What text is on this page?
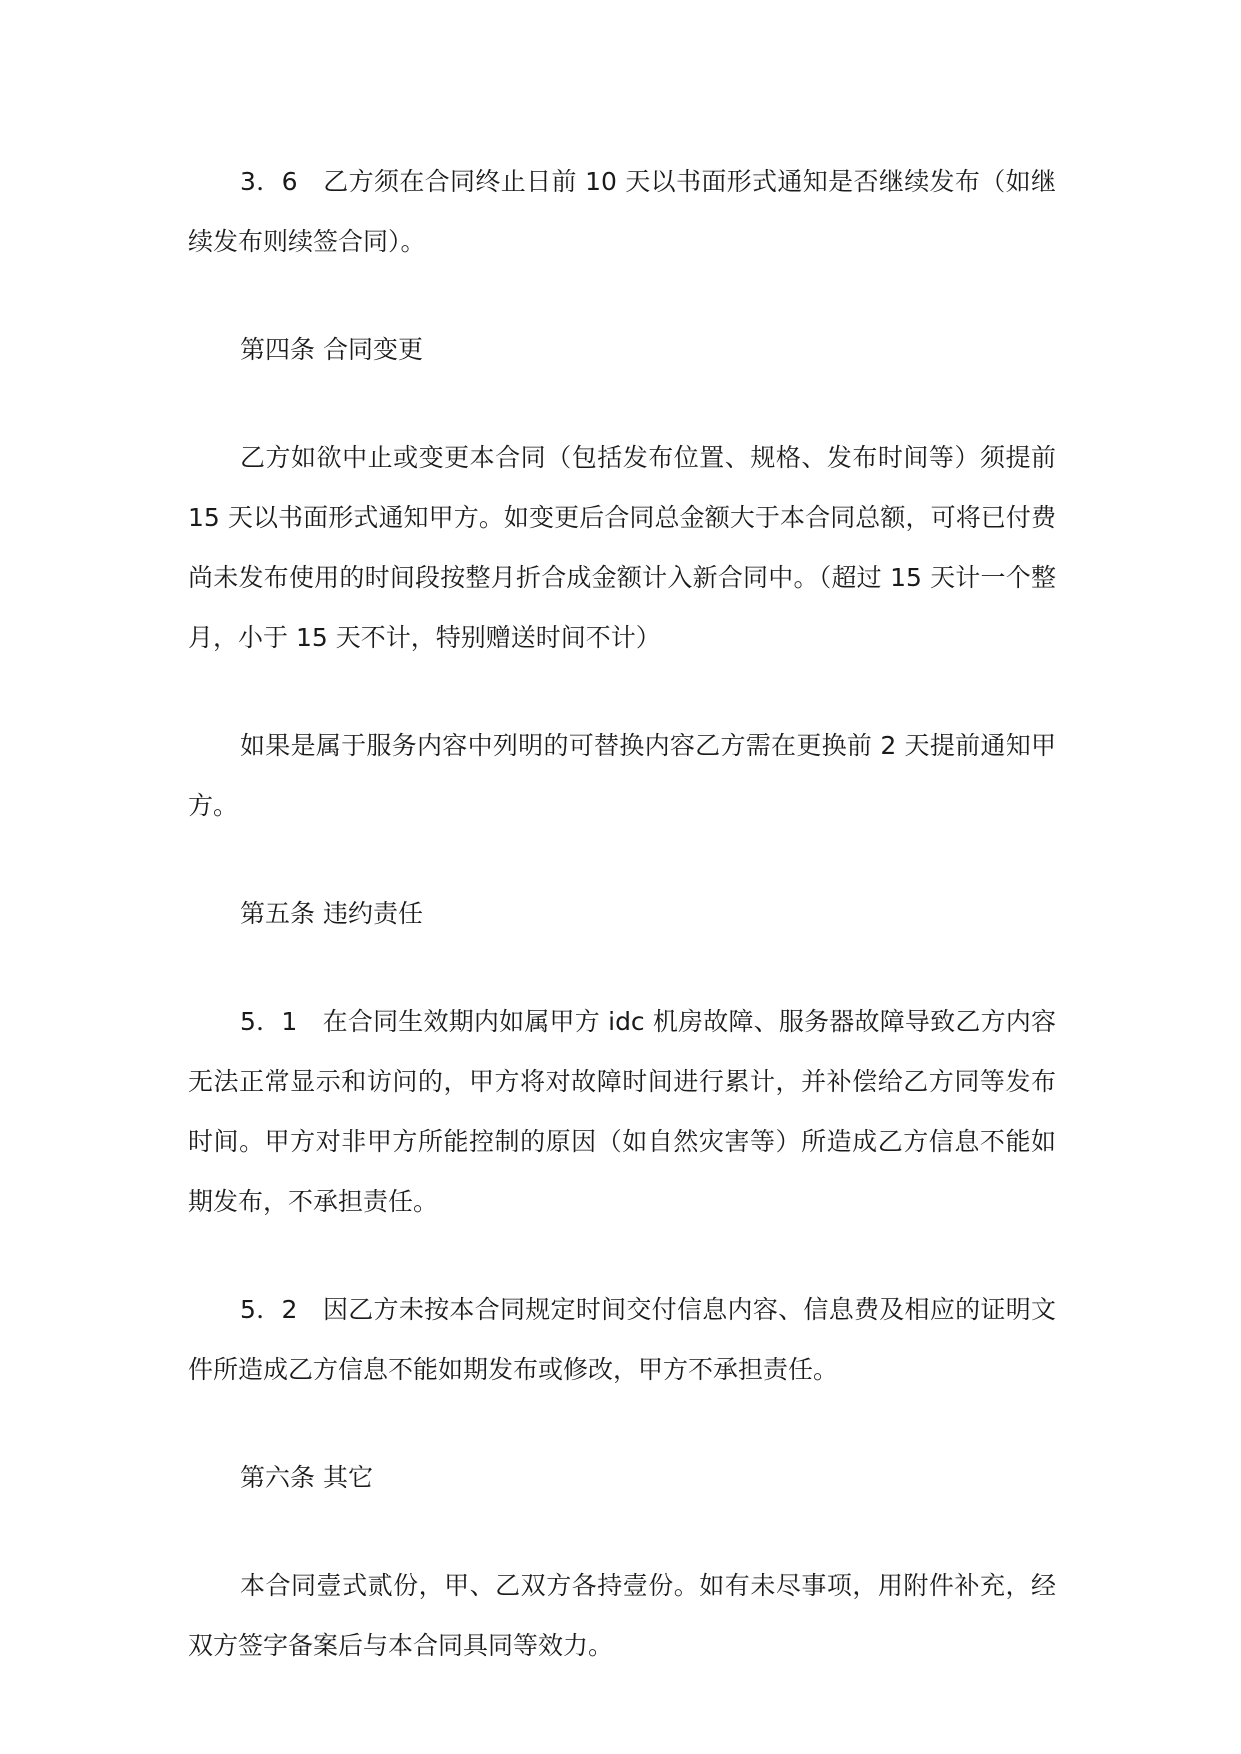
3．6　乙方须在合同终止日前 10 天以书面形式通知是否继续发布（如继续发布则续签合同）。

第四条 合同变更

乙方如欲中止或变更本合同（包括发布位置、规格、发布时间等）须提前 15 天以书面形式通知甲方。如变更后合同总金额大于本合同总额，可将已付费尚未发布使用的时间段按整月折合成金额计入新合同中。（超过 15 天计一个整月，小于 15 天不计，特别赠送时间不计）

如果是属于服务内容中列明的可替换内容乙方需在更换前 2 天提前通知甲方。

第五条 违约责任

5．1　在合同生效期内如属甲方 idc 机房故障、服务器故障导致乙方内容无法正常显示和访问的，甲方将对故障时间进行累计，并补偿给乙方同等发布时间。甲方对非甲方所能控制的原因（如自然灾害等）所造成乙方信息不能如期发布，不承担责任。

5．2　因乙方未按本合同规定时间交付信息内容、信息费及相应的证明文件所造成乙方信息不能如期发布或修改，甲方不承担责任。

第六条 其它

本合同壹式贰份，甲、乙双方各持壹份。如有未尽事项，用附件补充，经双方签字备案后与本合同具同等效力。
